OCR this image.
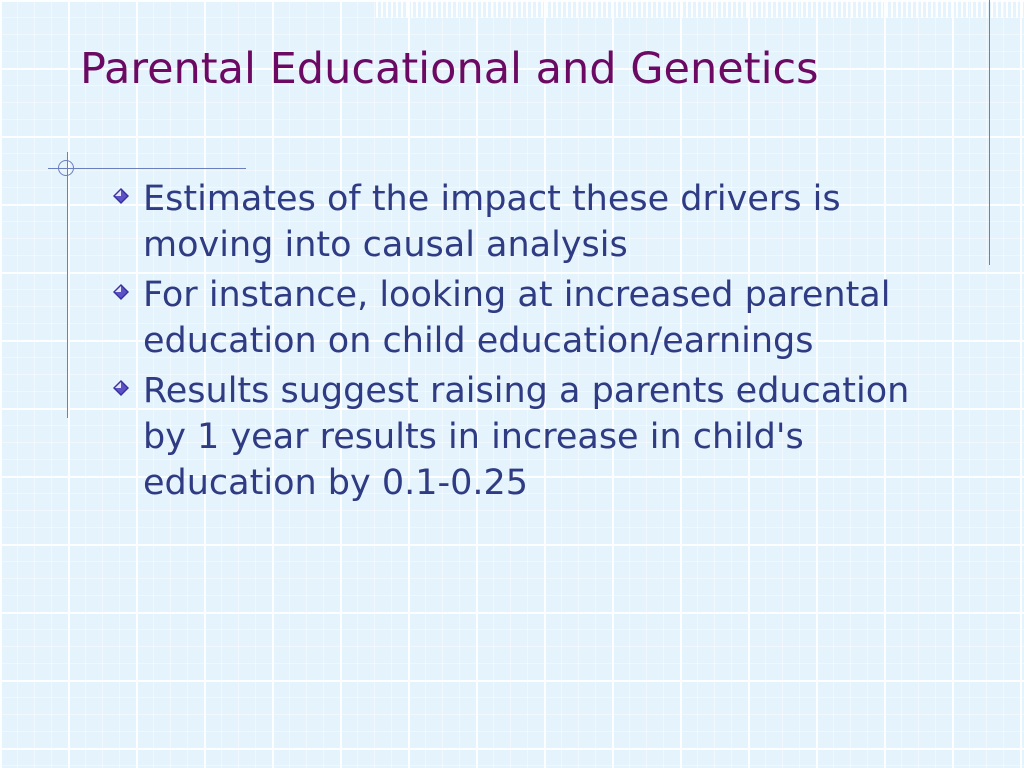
Parental Educational and Genetics
Estimates of the impact these drivers is moving into causal analysis
For instance, looking at increased parental education on child education/earnings
Results suggest raising a parents education by 1 year results in increase in child's education by 0.1-0.25
